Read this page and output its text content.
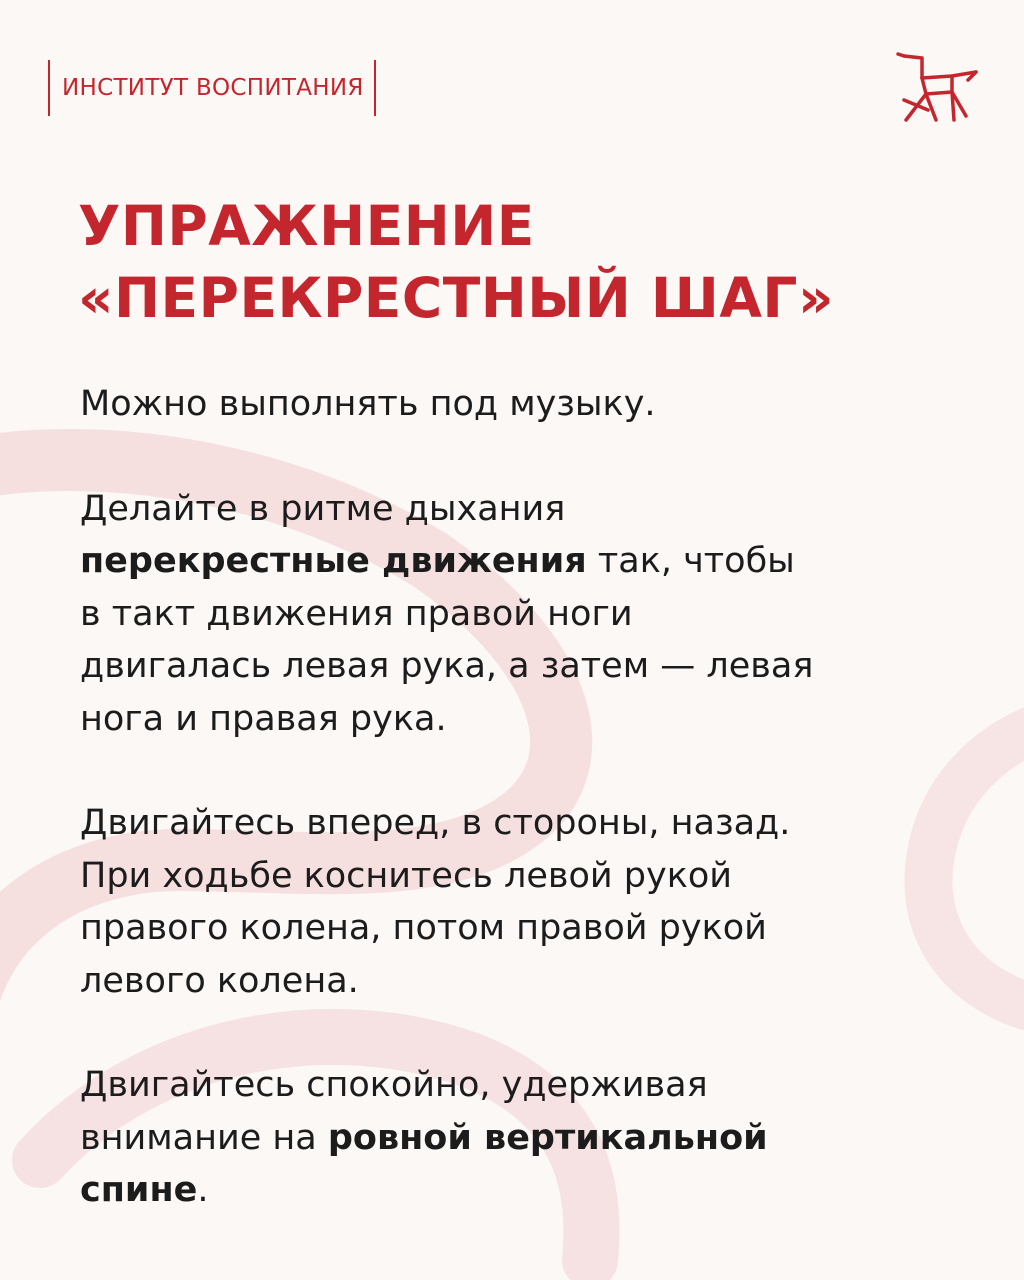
ИНСТИТУТ ВОСПИТАНИЯ
УПРАЖНЕНИЕ
«ПЕРЕКРЕСТНЫЙ ШАГ»

Можно выполнять под музыку.

Делайте в ритме дыхания
перекрестные движения так, чтобы
в такт движения правой ноги
двигалась левая рука, а затем — левая
нога и правая рука.

Двигайтесь вперед, в стороны, назад.
При ходьбе коснитесь левой рукой
правого колена, потом правой рукой
левого колена.

Двигайтесь спокойно, удерживая
внимание на ровной вертикальной
спине.
